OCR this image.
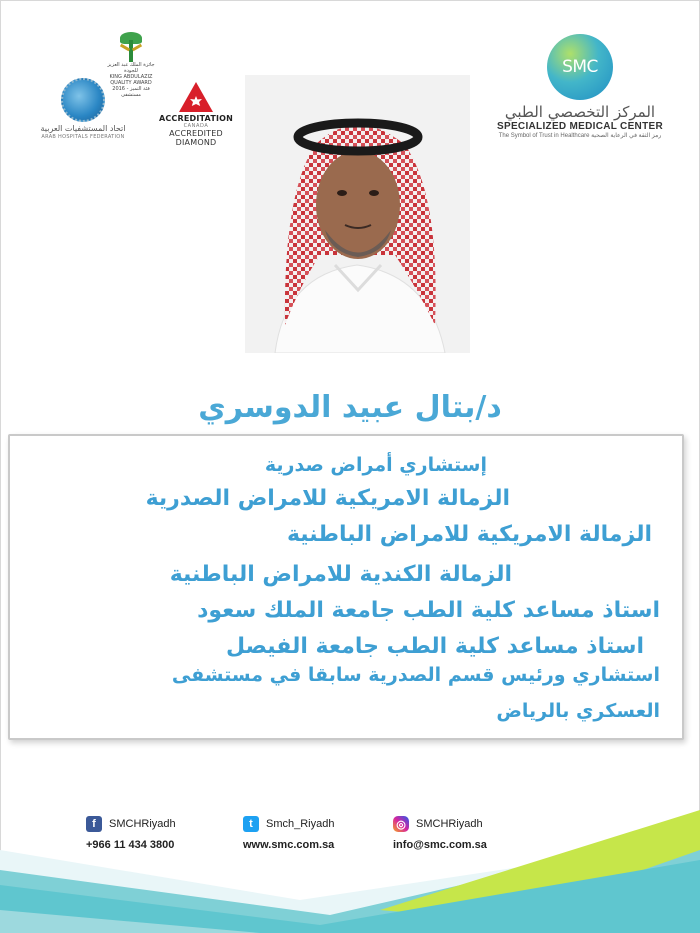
اتحاد المستشفيات العربية
ARAB HOSPITALS FEDERATION
جائزة الملك عبد العزيز للجودة
KING ABDULAZIZ QUALITY AWARD
فئة التميز - 2016
مستشفى
ACCREDITATION
CANADA
ACCREDITED DIAMOND
SMC
المركز التخصصي الطبي
SPECIALIZED MEDICAL CENTER
The Symbol of Trust in Healthcare رمز الثقة في الرعاية الصحية
د/بتال عبيد الدوسري
إستشاري أمراض صدرية
الزمالة الامريكية للامراض الصدرية
الزمالة الامريكية للامراض الباطنية
الزمالة الكندية للامراض الباطنية
استاذ مساعد كلية الطب جامعة الملك سعود
استاذ مساعد كلية الطب جامعة الفيصل
استشاري ورئيس قسم الصدرية سابقا في مستشفى
العسكري بالرياض
f	SMCHRiyadh	t	Smch_Riyadh	◎ SMCHRiyadh
+966 11 434 3800	www.smc.com.sa	info@smc.com.sa
